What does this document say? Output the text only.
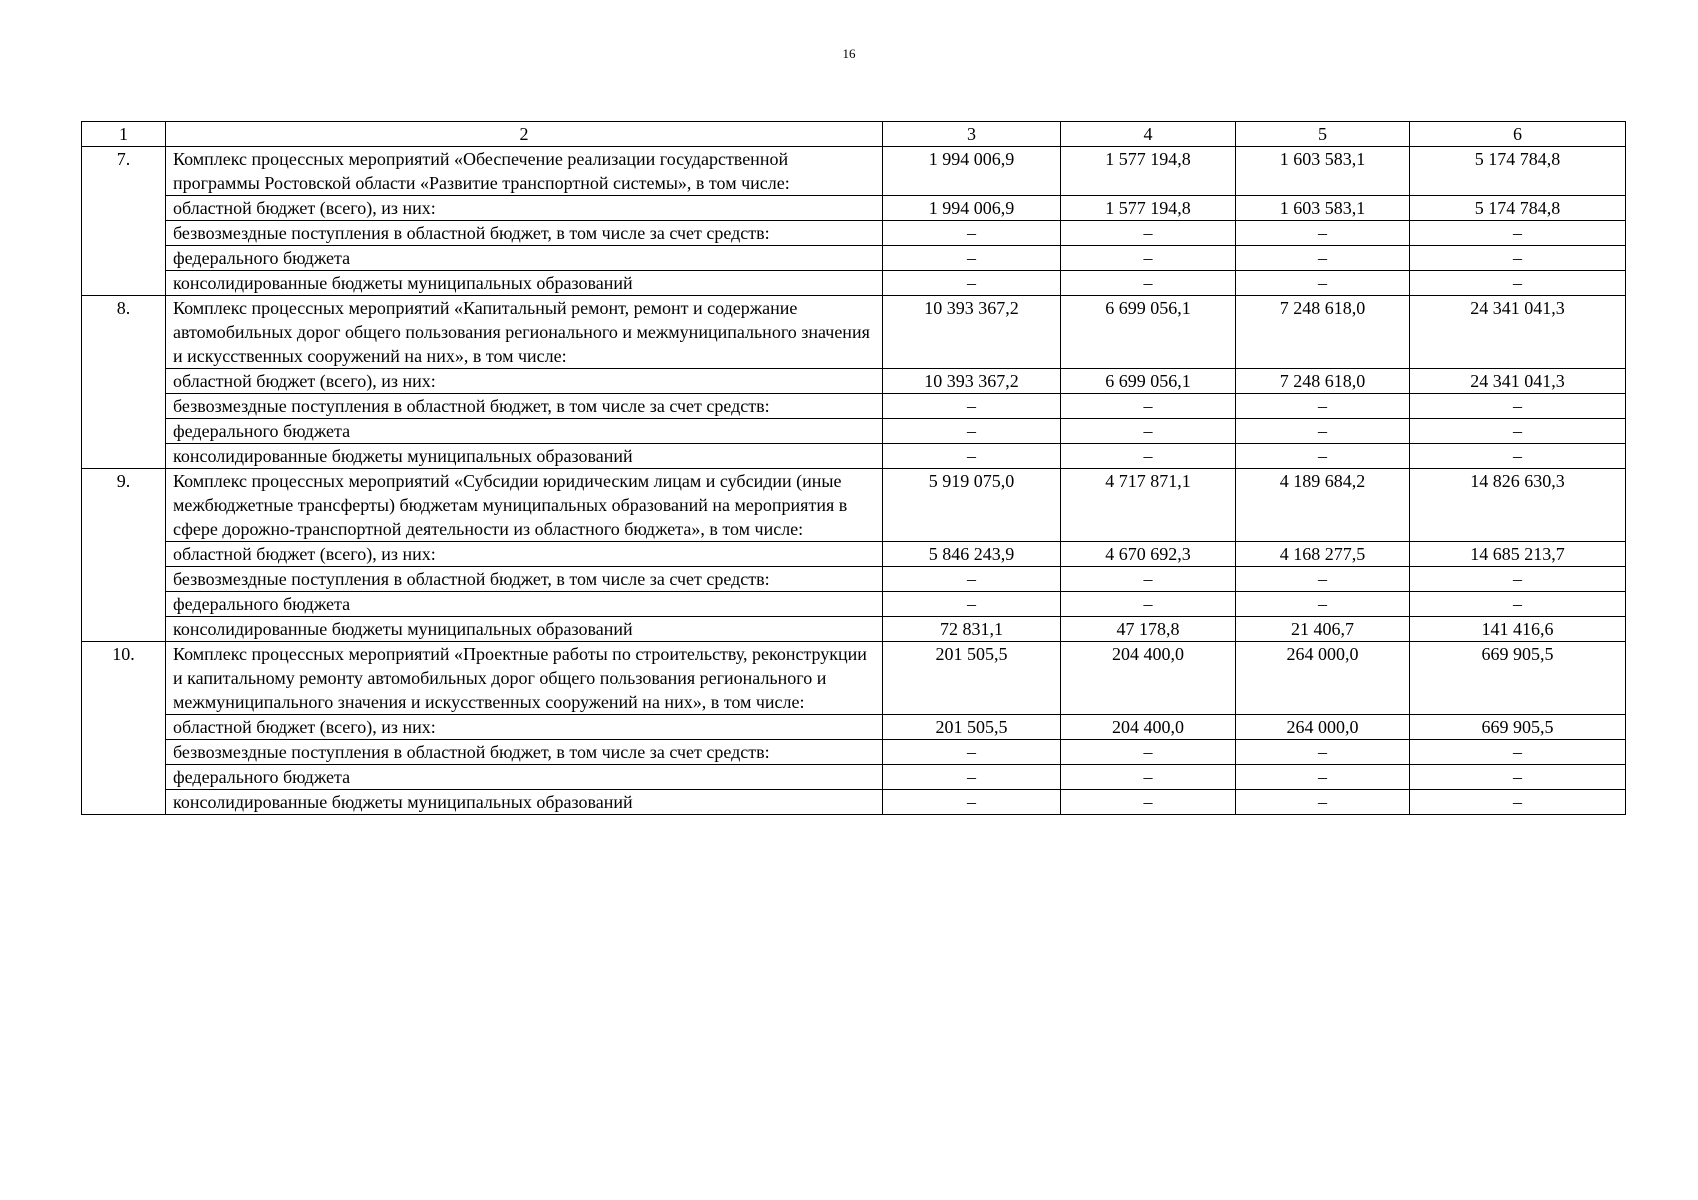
16
1	2	3	4	5	6
7.	Комплекс процессных мероприятий «Обеспечение реализации государственной программы Ростовской области «Развитие транспортной системы», в том числе:	1 994 006,9	1 577 194,8	1 603 583,1	5 174 784,8
	областной бюджет (всего), из них:	1 994 006,9	1 577 194,8	1 603 583,1	5 174 784,8
	безвозмездные поступления в областной бюджет, в том числе за счет средств:	–	–	–	–
	федерального бюджета	–	–	–	–
	консолидированные бюджеты муниципальных образований	–	–	–	–
8.	Комплекс процессных мероприятий «Капитальный ремонт, ремонт и содержание автомобильных дорог общего пользования регионального и межмуниципального значения и искусственных сооружений на них», в том числе:	10 393 367,2	6 699 056,1	7 248 618,0	24 341 041,3
	областной бюджет (всего), из них:	10 393 367,2	6 699 056,1	7 248 618,0	24 341 041,3
	безвозмездные поступления в областной бюджет, в том числе за счет средств:	–	–	–	–
	федерального бюджета	–	–	–	–
	консолидированные бюджеты муниципальных образований	–	–	–	–
9.	Комплекс процессных мероприятий «Субсидии юридическим лицам и субсидии (иные межбюджетные трансферты) бюджетам муниципальных образований на мероприятия в сфере дорожно-транспортной деятельности из областного бюджета», в том числе:	5 919 075,0	4 717 871,1	4 189 684,2	14 826 630,3
	областной бюджет (всего), из них:	5 846 243,9	4 670 692,3	4 168 277,5	14 685 213,7
	безвозмездные поступления в областной бюджет, в том числе за счет средств:	–	–	–	–
	федерального бюджета	–	–	–	–
	консолидированные бюджеты муниципальных образований	72 831,1	47 178,8	21 406,7	141 416,6
10.	Комплекс процессных мероприятий «Проектные работы по строительству, реконструкции и капитальному ремонту автомобильных дорог общего пользования регионального и межмуниципального значения и искусственных сооружений на них», в том числе:	201 505,5	204 400,0	264 000,0	669 905,5
	областной бюджет (всего), из них:	201 505,5	204 400,0	264 000,0	669 905,5
	безвозмездные поступления в областной бюджет, в том числе за счет средств:	–	–	–	–
	федерального бюджета	–	–	–	–
	консолидированные бюджеты муниципальных образований	–	–	–	–
